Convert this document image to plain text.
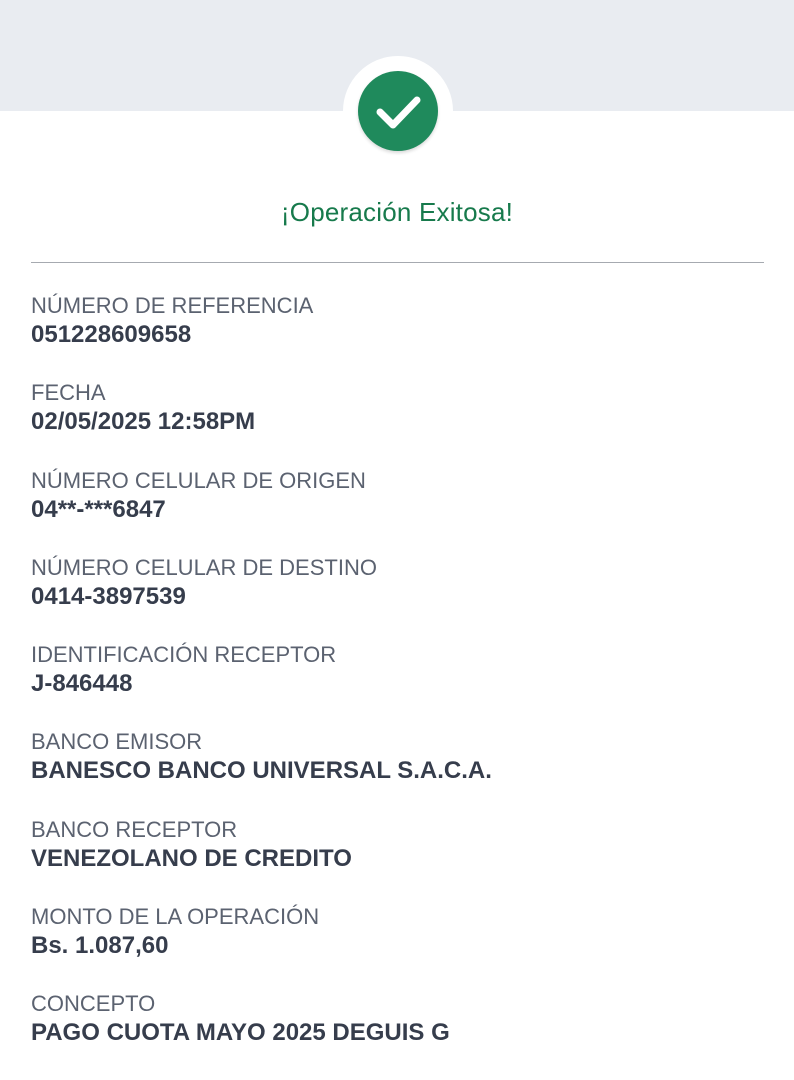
¡Operación Exitosa!
NÚMERO DE REFERENCIA
051228609658
FECHA
02/05/2025 12:58PM
NÚMERO CELULAR DE ORIGEN
04**-***6847
NÚMERO CELULAR DE DESTINO
0414-3897539
IDENTIFICACIÓN RECEPTOR
J-846448
BANCO EMISOR
BANESCO BANCO UNIVERSAL S.A.C.A.
BANCO RECEPTOR
VENEZOLANO DE CREDITO
MONTO DE LA OPERACIÓN
Bs. 1.087,60
CONCEPTO
PAGO CUOTA MAYO 2025 DEGUIS G
